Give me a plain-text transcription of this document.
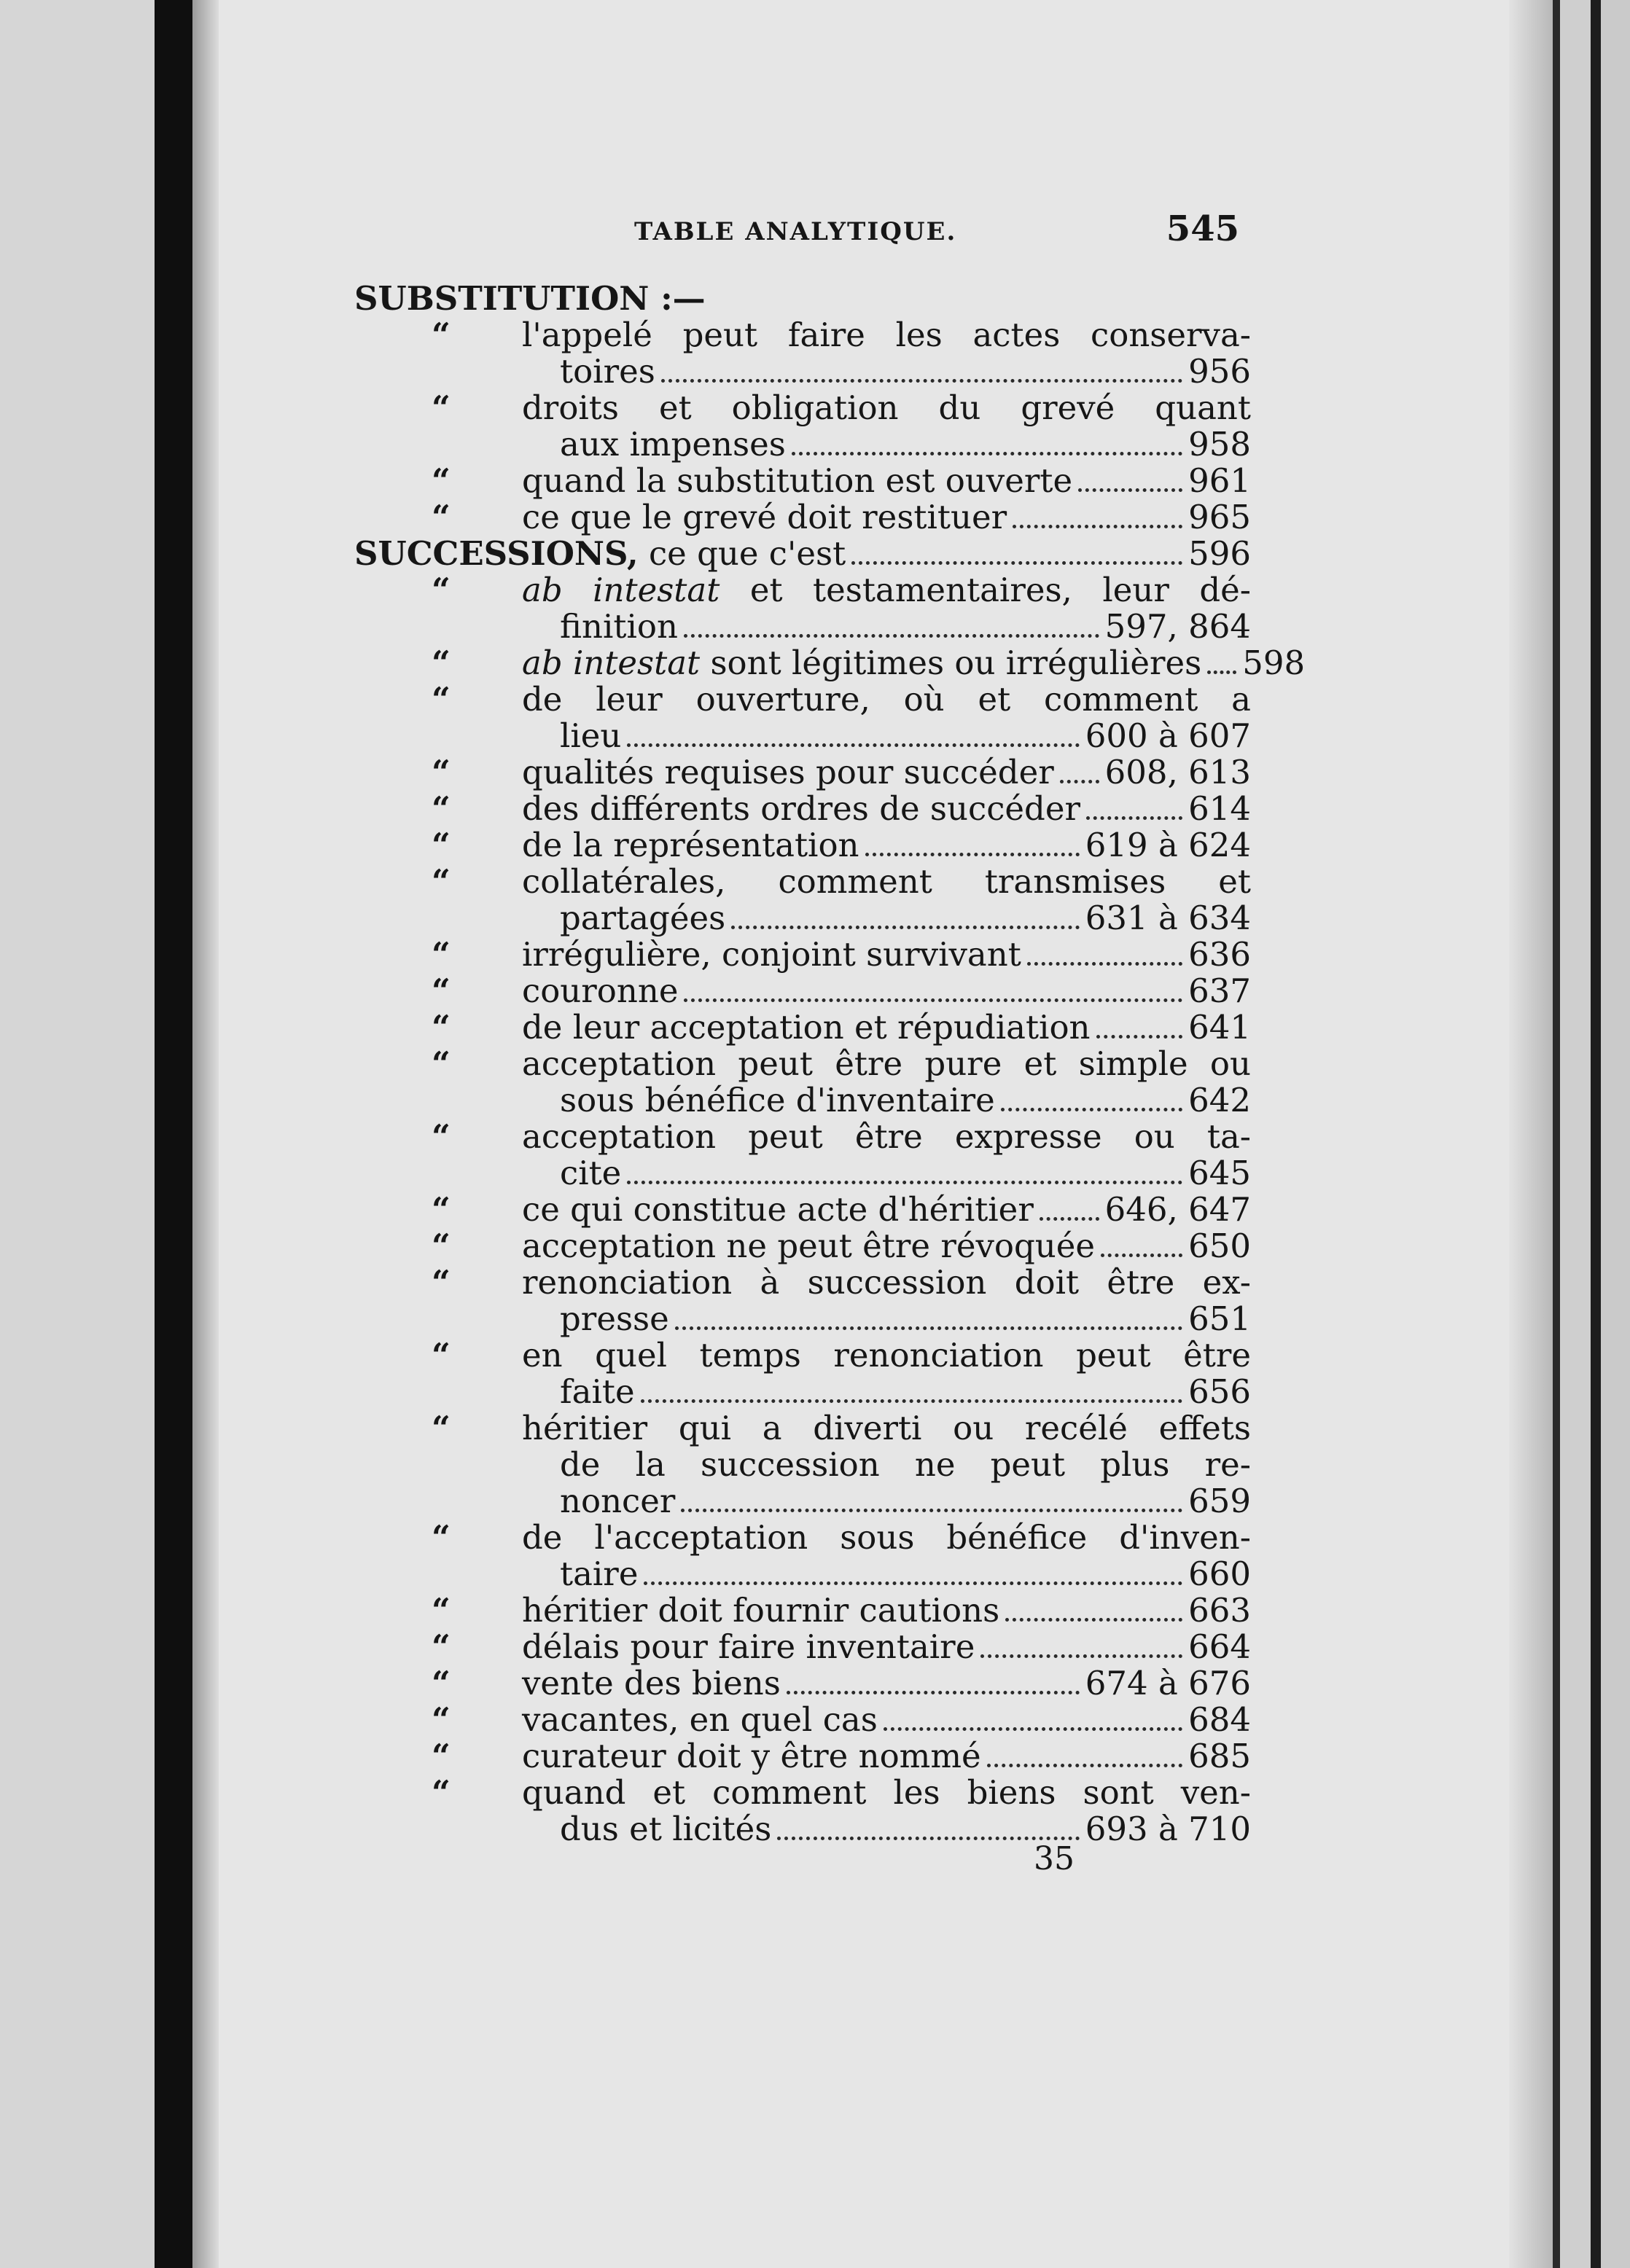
TABLE ANALYTIQUE.	545
SUBSTITUTION :—
“ l'appelé peut faire les actes conserva-
toires	956
“ droits et obligation du grevé quant
aux impenses	958
“ quand la substitution est ouverte	961
“ ce que le grevé doit restituer	965
SUCCESSIONS,
ce que c'est	596
“ ab intestat et testamentaires, leur dé-
finition	597, 864
“ ab intestat sont légitimes ou irrégulières 598
“ de leur ouverture, où et comment a
lieu	600 à 607
“ qualités requises pour succéder 608, 613
“ des différents ordres de succéder	614
“ de la représentation	619 à 624
“ collatérales, comment transmises et
partagées	631 à 634
“ irrégulière, conjoint survivant	636
“ couronne	637
“ de leur acceptation et répudiation	641
“ acceptation peut être pure et simple ou
sous bénéfice d'inventaire	642
“ acceptation peut être expresse ou ta-
cite	645
“ ce qui constitue acte d'héritier 646, 647
“ acceptation ne peut être révoquée	650
“ renonciation à succession doit être ex-
presse	651
“ en quel temps renonciation peut être
faite	656
“ héritier qui a diverti ou recélé effets
de la succession ne peut plus re-
noncer	659
“ de l'acceptation sous bénéfice d'inven-
taire	660
“ héritier doit fournir cautions	663
“ délais pour faire inventaire	664
“ vente des biens	674 à 676
“ vacantes, en quel cas	684
“ curateur doit y être nommé	685
“ quand et comment les biens sont ven-
dus et licités	693 à 710
35
